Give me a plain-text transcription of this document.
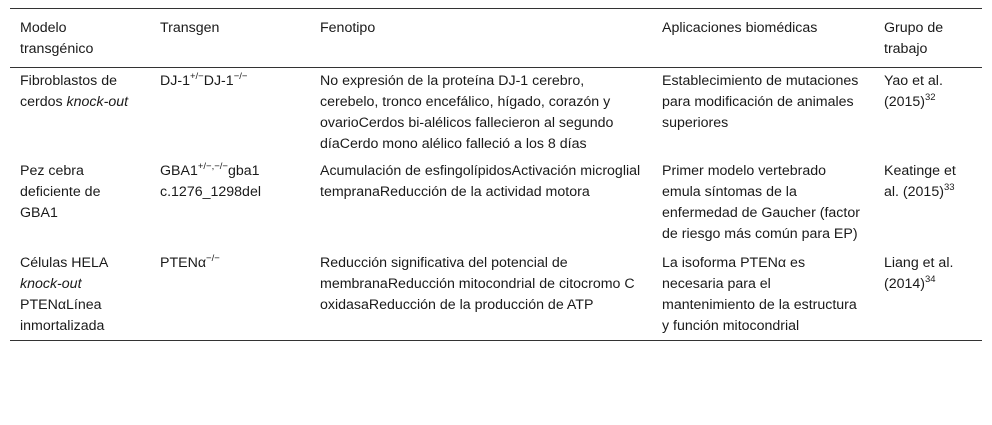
Modelo transgénico	Transgen	Fenotipo	Aplicaciones biomédicas	Grupo de trabajo
Fibroblastos de cerdos knock-out	DJ-1+/−DJ-1−/−	No expresión de la proteína DJ-1 cerebro, cerebelo, tronco encefálico, hígado, corazón y ovarioCerdos bi-alélicos fallecieron al segundo díaCerdo mono alélico falleció a los 8 días	Establecimiento de mutaciones para modificación de animales superiores	Yao et al. $(2015)^{32}$
Pez cebra deficiente de GBA1	GBA1+/−,−/−gba1 c.1276_1298del	Acumulación de esfingolípidosActivación microglial tempranaReducción de la actividad motora	Primer modelo vertebrado emula síntomas de la enfermedad de Gaucher (factor de riesgo más común para EP)	Keatinge et al. $(2015)^{33}$
Células HELA knock-out PTENαLínea inmortalizada	PTENα−/−	Reducción significativa del potencial de membranaReducción mitocondrial de citocromo C oxidasaReducción de la producción de ATP	La isoforma PTENα es necesaria para el mantenimiento de la estructura y función mitocondrial	Liang et al. $(2014)^{34}$
